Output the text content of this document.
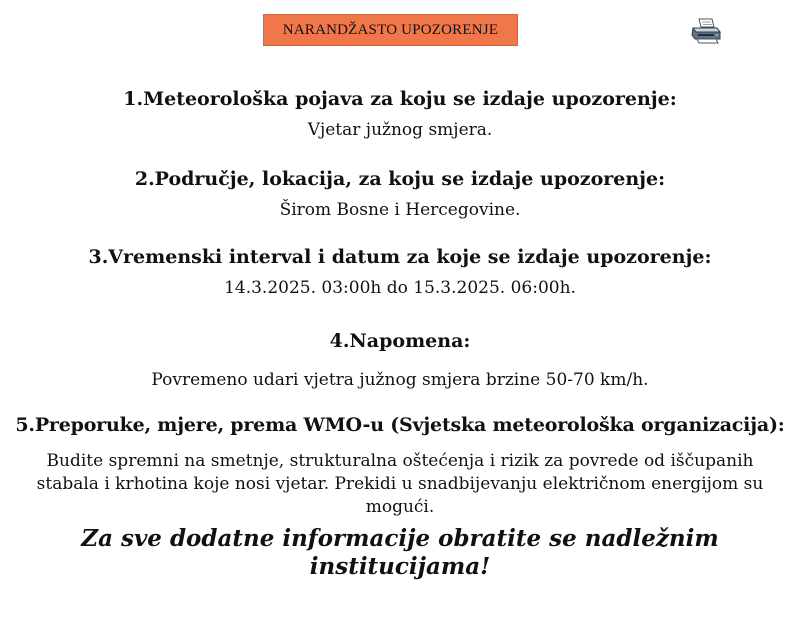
NARANDŽASTO UPOZORENJE

1.Meteorološka pojava za koju se izdaje upozorenje:

Vjetar južnog smjera.

2.Područje, lokacija, za koju se izdaje upozorenje:

Širom Bosne i Hercegovine.

3.Vremenski interval i datum za koje se izdaje upozorenje:

14.3.2025. 03:00h do 15.3.2025. 06:00h.

4.Napomena:

Povremeno udari vjetra južnog smjera brzine 50-70 km/h.

5.Preporuke, mjere, prema WMO-u (Svjetska meteorološka organizacija):

Budite spremni na smetnje, strukturalna oštećenja i rizik za povrede od iščupanih stabala i krhotina koje nosi vjetar. Prekidi u snadbijevanju električnom energijom su mogući.

Za sve dodatne informacije obratite se nadležnim institucijama!
